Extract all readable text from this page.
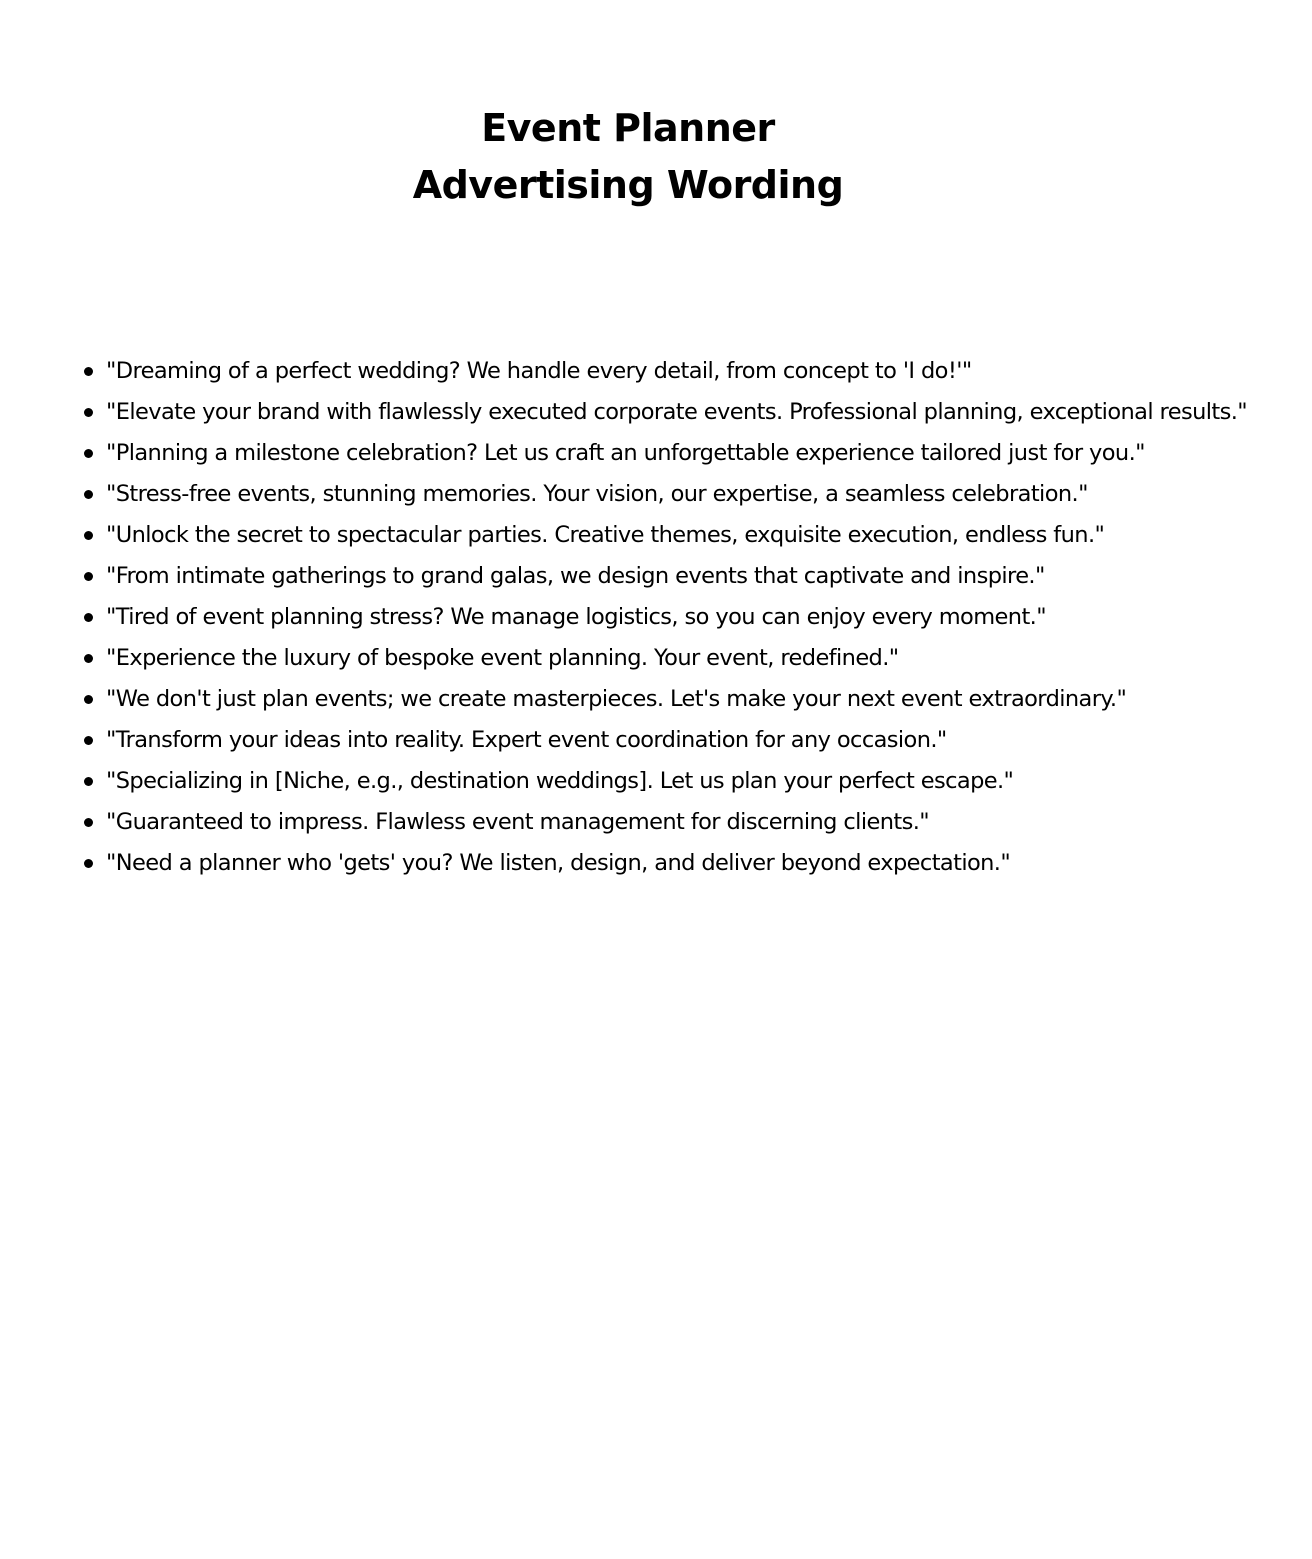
Event Planner Advertising Wording
"Dreaming of a perfect wedding? We handle every detail, from concept to 'I do!'"
"Elevate your brand with flawlessly executed corporate events. Professional planning, exceptional results."
"Planning a milestone celebration? Let us craft an unforgettable experience tailored just for you."
"Stress-free events, stunning memories. Your vision, our expertise, a seamless celebration."
"Unlock the secret to spectacular parties. Creative themes, exquisite execution, endless fun."
"From intimate gatherings to grand galas, we design events that captivate and inspire."
"Tired of event planning stress? We manage logistics, so you can enjoy every moment."
"Experience the luxury of bespoke event planning. Your event, redefined."
"We don't just plan events; we create masterpieces. Let's make your next event extraordinary."
"Transform your ideas into reality. Expert event coordination for any occasion."
"Specializing in [Niche, e.g., destination weddings]. Let us plan your perfect escape."
"Guaranteed to impress. Flawless event management for discerning clients."
"Need a planner who 'gets' you? We listen, design, and deliver beyond expectation."
